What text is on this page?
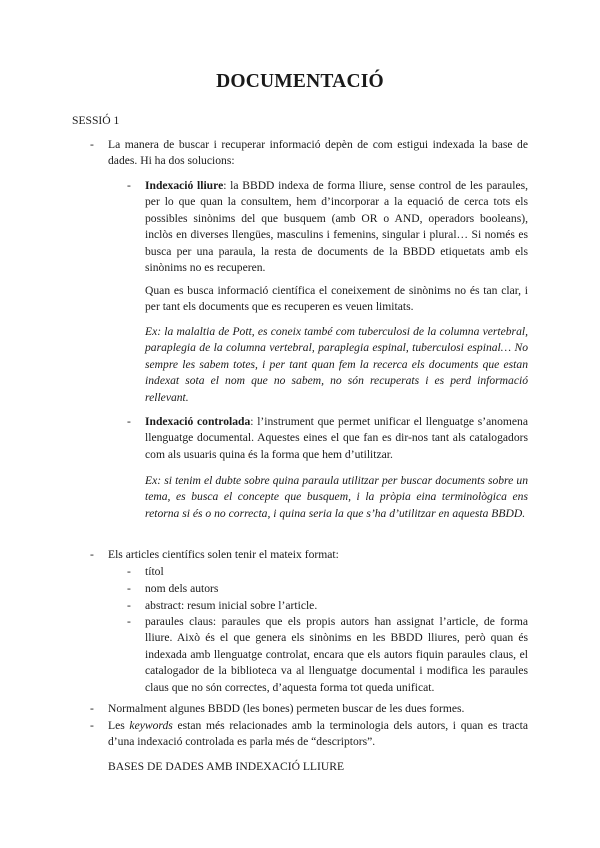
DOCUMENTACIÓ
SESSIÓ 1
-	La manera de buscar i recuperar informació depèn de com estigui indexada la base de dades. Hi ha dos solucions:
-	Indexació lliure: la BBDD indexa de forma lliure, sense control de les paraules, per lo que quan la consultem, hem d’incorporar a la equació de cerca tots els possibles sinònims del que busquem (amb OR o AND, operadors booleans), inclòs en diverses llengües, masculins i femenins, singular i plural… Si només es busca per una paraula, la resta de documents de la BBDD etiquetats amb els sinònims no es recuperen.
Quan es busca informació científica el coneixement de sinònims no és tan clar, i per tant els documents que es recuperen es veuen limitats.
Ex: la malaltia de Pott, es coneix també com tuberculosi de la columna vertebral, paraplegia de la columna vertebral, paraplegia espinal, tuberculosi espinal… No sempre les sabem totes, i per tant quan fem la recerca els documents que estan indexat sota el nom que no sabem, no són recuperats i es perd informació rellevant.
-	Indexació controlada: l’instrument que permet unificar el llenguatge s’anomena llenguatge documental. Aquestes eines el que fan es dir-nos tant als catalogadors com als usuaris quina és la forma que hem d’utilitzar.
Ex: si tenim el dubte sobre quina paraula utilitzar per buscar documents sobre un tema, es busca el concepte que busquem, i la pròpia eina terminològica ens retorna si és o no correcta, i quina seria la que s’ha d’utilitzar en aquesta BBDD.
-	Els articles científics solen tenir el mateix format:
-	títol
-	nom dels autors
-	abstract: resum inicial sobre l’article.
-	paraules claus: paraules que els propis autors han assignat l’article, de forma lliure. Això és el que genera els sinònims en les BBDD lliures, però quan és indexada amb llenguatge controlat, encara que els autors fiquin paraules claus, el catalogador de la biblioteca va al llenguatge documental i modifica les paraules claus que no són correctes, d’aquesta forma tot queda unificat.
-	Normalment algunes BBDD (les bones) permeten buscar de les dues formes.
-	Les keywords estan més relacionades amb la terminologia dels autors, i quan es tracta d’una indexació controlada es parla més de “descriptors”.
BASES DE DADES AMB INDEXACIÓ LLIURE
